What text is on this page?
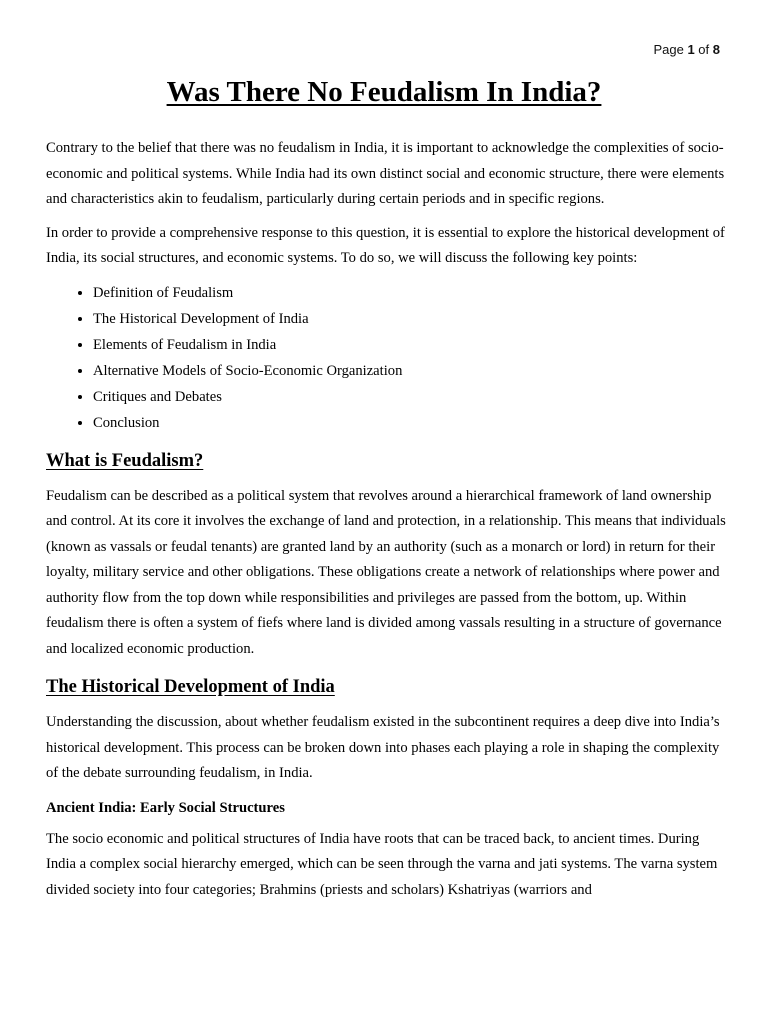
Page 1 of 8
Was There No Feudalism In India?

Contrary to the belief that there was no feudalism in India, it is important to acknowledge the complexities of socio-economic and political systems. While India had its own distinct social and economic structure, there were elements and characteristics akin to feudalism, particularly during certain periods and in specific regions.

In order to provide a comprehensive response to this question, it is essential to explore the historical development of India, its social structures, and economic systems. To do so, we will discuss the following key points:

• Definition of Feudalism
• The Historical Development of India
• Elements of Feudalism in India
• Alternative Models of Socio-Economic Organization
• Critiques and Debates
• Conclusion
What is Feudalism?

Feudalism can be described as a political system that revolves around a hierarchical framework of land ownership and control. At its core it involves the exchange of land and protection, in a relationship. This means that individuals (known as vassals or feudal tenants) are granted land by an authority (such as a monarch or lord) in return for their loyalty, military service and other obligations. These obligations create a network of relationships where power and authority flow from the top down while responsibilities and privileges are passed from the bottom, up. Within feudalism there is often a system of fiefs where land is divided among vassals resulting in a structure of governance and localized economic production.

The Historical Development of India

Understanding the discussion, about whether feudalism existed in the subcontinent requires a deep dive into India’s historical development. This process can be broken down into phases each playing a role in shaping the complexity of the debate surrounding feudalism, in India.

Ancient India: Early Social Structures

The socio economic and political structures of India have roots that can be traced back, to ancient times. During India a complex social hierarchy emerged, which can be seen through the varna and jati systems. The varna system divided society into four categories; Brahmins (priests and scholars) Kshatriyas (warriors and
